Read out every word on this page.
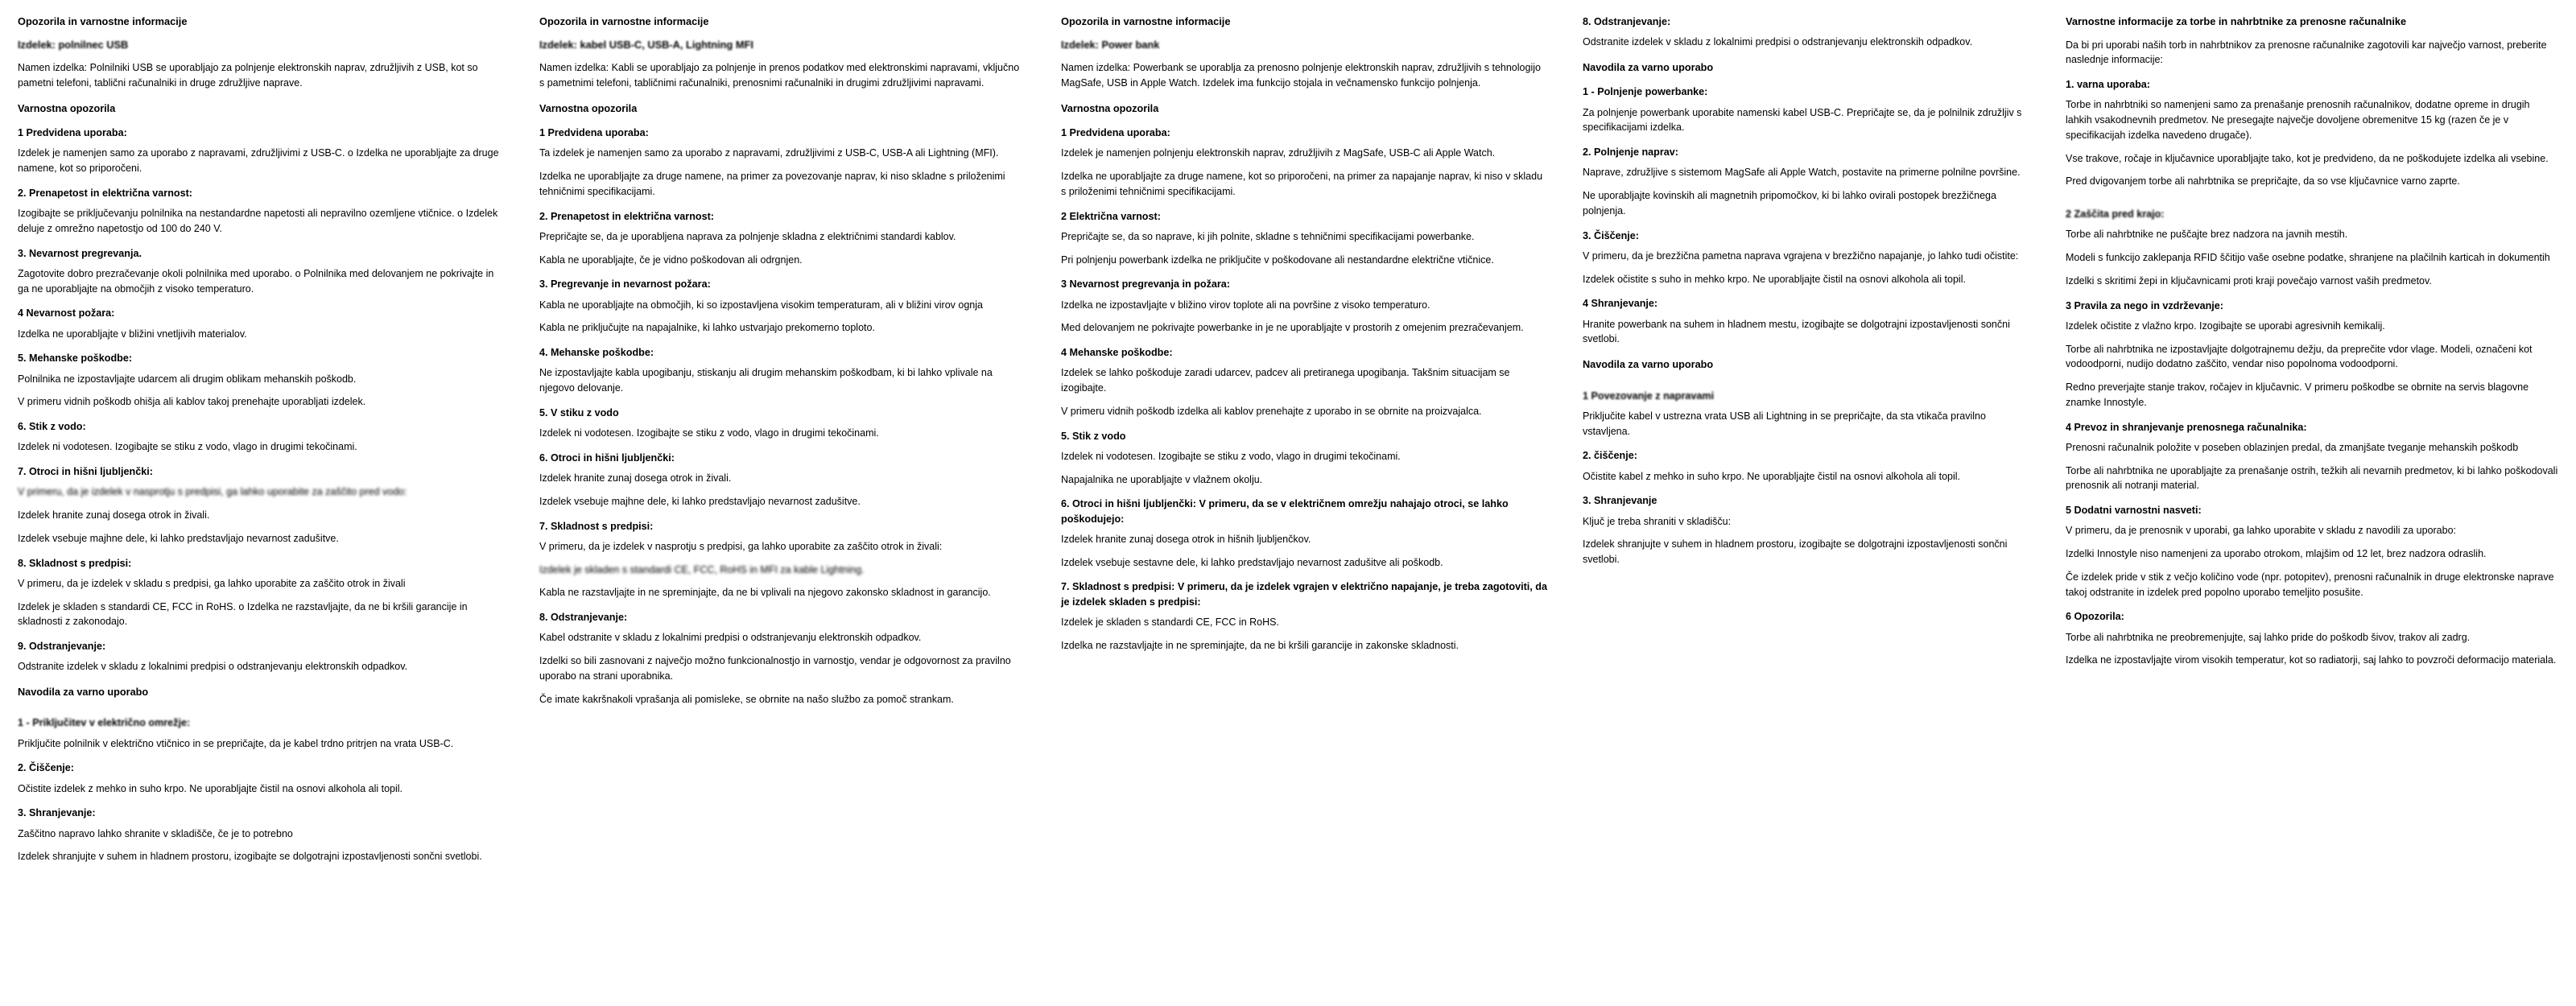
Opozorila in varnostne informacije
Izdelek: polnilnec USB

Namen izdelka: Polnilniki USB se uporabljajo za polnjenje elektronskih naprav, združljivih z USB, kot so pametni telefoni, tablični računalniki in druge združljive naprave.

Varnostna opozorila
1 Predvidena uporaba:

Izdelek je namenjen samo za uporabo z napravami, združljivimi z USB-C. o Izdelka ne uporabljajte za druge namene, kot so priporočeni.

2. Prenapetost in električna varnost:

Izogibajte se priključevanju polnilnika na nestandardne napetosti ali nepravilno ozemljene vtičnice. o Izdelek deluje z omrežno napetostjo od 100 do 240 V.

3. Nevarnost pregrevanja.

Zagotovite dobro prezračevanje okoli polnilnika med uporabo. o Polnilnika med delovanjem ne pokrivajte in ga ne uporabljajte na območjih z visoko temperaturo.

4 Nevarnost požara:

Izdelka ne uporabljajte v bližini vnetljivih materialov.

5. Mehanske poškodbe:

Polnilnika ne izpostavljajte udarcem ali drugim oblikam mehanskih poškodb.

V primeru vidnih poškodb ohišja ali kablov takoj prenehajte uporabljati izdelek.

6. Stik z vodo:

Izdelek ni vodotesen. Izogibajte se stiku z vodo, vlago in drugimi tekočinami.

7. Otroci in hišni ljubljenčki:

V primeru, da je izdelek v nasprotju s predpisi, ga lahko uporabite za zaščito pred vodo:

Izdelek hranite zunaj dosega otrok in živali.

Izdelek vsebuje majhne dele, ki lahko predstavljajo nevarnost zadušitve.

8. Skladnost s predpisi:

V primeru, da je izdelek v skladu s predpisi, ga lahko uporabite za zaščito otrok in živali

Izdelek je skladen s standardi CE, FCC in RoHS. o Izdelka ne razstavljajte, da ne bi kršili garancije in skladnosti z zakonodajo.

9. Odstranjevanje:

Odstranite izdelek v skladu z lokalnimi predpisi o odstranjevanju elektronskih odpadkov.

Navodila za varno uporabo
1 - Priključitev v električno omrežje:

Priključite polnilnik v električno vtičnico in se prepričajte, da je kabel trdno pritrjen na vrata USB-C.

2. Čiščenje:

Očistite izdelek z mehko in suho krpo. Ne uporabljajte čistil na osnovi alkohola ali topil.

3. Shranjevanje:

Zaščitno napravo lahko shranite v skladišče, če je to potrebno

Izdelek shranjujte v suhem in hladnem prostoru, izogibajte se dolgotrajni izpostavljenosti sončni svetlobi.

Opozorila in varnostne informacije
Izdelek: kabel USB-C, USB-A, Lightning MFI

Namen izdelka: Kabli se uporabljajo za polnjenje in prenos podatkov med elektronskimi napravami, vključno s pametnimi telefoni, tabličnimi računalniki, prenosnimi računalniki in drugimi združljivimi napravami.

Varnostna opozorila
1 Predvidena uporaba:

Ta izdelek je namenjen samo za uporabo z napravami, združljivimi z USB-C, USB-A ali Lightning (MFI).

Izdelka ne uporabljajte za druge namene, na primer za povezovanje naprav, ki niso skladne s priloženimi tehničnimi specifikacijami.

2. Prenapetost in električna varnost:

Prepričajte se, da je uporabljena naprava za polnjenje skladna z električnimi standardi kablov.

Kabla ne uporabljajte, če je vidno poškodovan ali odrgnjen.

3. Pregrevanje in nevarnost požara:

Kabla ne uporabljajte na območjih, ki so izpostavljena visokim temperaturam, ali v bližini virov ognja

Kabla ne priključujte na napajalnike, ki lahko ustvarjajo prekomerno toploto.

4. Mehanske poškodbe:

Ne izpostavljajte kabla upogibanju, stiskanju ali drugim mehanskim poškodbam, ki bi lahko vplivale na njegovo delovanje.

5. V stiku z vodo

Izdelek ni vodotesen. Izogibajte se stiku z vodo, vlago in drugimi tekočinami.

6. Otroci in hišni ljubljenčki:

Izdelek hranite zunaj dosega otrok in živali.

Izdelek vsebuje majhne dele, ki lahko predstavljajo nevarnost zadušitve.

7. Skladnost s predpisi:

V primeru, da je izdelek v nasprotju s predpisi, ga lahko uporabite za zaščito otrok in živali:

Izdelek je skladen s standardi CE, FCC, RoHS in MFI za kable Lightning.

Kabla ne razstavljajte in ne spreminjajte, da ne bi vplivali na njegovo zakonsko skladnost in garancijo.

8. Odstranjevanje:

Kabel odstranite v skladu z lokalnimi predpisi o odstranjevanju elektronskih odpadkov.

Izdelki so bili zasnovani z največjo možno funkcionalnostjo in varnostjo, vendar je odgovornost za pravilno uporabo na strani uporabnika.

Če imate kakršnakoli vprašanja ali pomisleke, se obrnite na našo službo za pomoč strankam.

Opozorila in varnostne informacije
Izdelek: Power bank

Namen izdelka: Powerbank se uporablja za prenosno polnjenje elektronskih naprav, združljivih s tehnologijo MagSafe, USB in Apple Watch. Izdelek ima funkcijo stojala in večnamensko funkcijo polnjenja.

Varnostna opozorila
1 Predvidena uporaba:

Izdelek je namenjen polnjenju elektronskih naprav, združljivih z MagSafe, USB-C ali Apple Watch.

Izdelka ne uporabljajte za druge namene, kot so priporočeni, na primer za napajanje naprav, ki niso v skladu s priloženimi tehničnimi specifikacijami.

2 Električna varnost:

Prepričajte se, da so naprave, ki jih polnite, skladne s tehničnimi specifikacijami powerbanke.

Pri polnjenju powerbank izdelka ne priključite v poškodovane ali nestandardne električne vtičnice.

3 Nevarnost pregrevanja in požara:

Izdelka ne izpostavljajte v bližino virov toplote ali na površine z visoko temperaturo.

Med delovanjem ne pokrivajte powerbanke in je ne uporabljajte v prostorih z omejenim prezračevanjem.

4 Mehanske poškodbe:

Izdelek se lahko poškoduje zaradi udarcev, padcev ali pretiranega upogibanja. Takšnim situacijam se izogibajte.

V primeru vidnih poškodb izdelka ali kablov prenehajte z uporabo in se obrnite na proizvajalca.

5. Stik z vodo

Izdelek ni vodotesen. Izogibajte se stiku z vodo, vlago in drugimi tekočinami.

Napajalnika ne uporabljajte v vlažnem okolju.

6. Otroci in hišni ljubljenčki: V primeru, da se v električnem omrežju nahajajo otroci, se lahko poškodujejo:

Izdelek hranite zunaj dosega otrok in hišnih ljubljenčkov.

Izdelek vsebuje sestavne dele, ki lahko predstavljajo nevarnost zadušitve ali poškodb.

7. Skladnost s predpisi: V primeru, da je izdelek vgrajen v električno napajanje, je treba zagotoviti, da je izdelek skladen s predpisi:

Izdelek je skladen s standardi CE, FCC in RoHS.

Izdelka ne razstavljajte in ne spreminjajte, da ne bi kršili garancije in zakonske skladnosti.

8. Odstranjevanje:

Odstranite izdelek v skladu z lokalnimi predpisi o odstranjevanju elektronskih odpadkov.

Navodila za varno uporabo
1 - Polnjenje powerbanke:

Za polnjenje powerbank uporabite namenski kabel USB-C. Prepričajte se, da je polnilnik združljiv s specifikacijami izdelka.

2. Polnjenje naprav:

Naprave, združljive s sistemom MagSafe ali Apple Watch, postavite na primerne polnilne površine.

Ne uporabljajte kovinskih ali magnetnih pripomočkov, ki bi lahko ovirali postopek brezžičnega polnjenja.

3. Čiščenje:

V primeru, da je brezžična pametna naprava vgrajena v brezžično napajanje, jo lahko tudi očistite:

Izdelek očistite s suho in mehko krpo. Ne uporabljajte čistil na osnovi alkohola ali topil.

4 Shranjevanje:

Hranite powerbank na suhem in hladnem mestu, izogibajte se dolgotrajni izpostavljenosti sončni svetlobi.

Navodila za varno uporabo
1 Povezovanje z napravami

Priključite kabel v ustrezna vrata USB ali Lightning in se prepričajte, da sta vtikača pravilno vstavljena.

2. čiščenje:

Očistite kabel z mehko in suho krpo. Ne uporabljajte čistil na osnovi alkohola ali topil.

3. Shranjevanje

Ključ je treba shraniti v skladišču:

Izdelek shranjujte v suhem in hladnem prostoru, izogibajte se dolgotrajni izpostavljenosti sončni svetlobi.

Varnostne informacije za torbe in nahrbtnike za prenosne računalnike

Da bi pri uporabi naših torb in nahrbtnikov za prenosne računalnike zagotovili kar največjo varnost, preberite naslednje informacije:

1. varna uporaba:

Torbe in nahrbtniki so namenjeni samo za prenašanje prenosnih računalnikov, dodatne opreme in drugih lahkih vsakodnevnih predmetov. Ne presegajte največje dovoljene obremenitve 15 kg (razen če je v specifikacijah izdelka navedeno drugače).

Vse trakove, ročaje in ključavnice uporabljajte tako, kot je predvideno, da ne poškodujete izdelka ali vsebine.

Pred dvigovanjem torbe ali nahrbtnika se prepričajte, da so vse ključavnice varno zaprte.

2 Zaščita pred krajo:

Torbe ali nahrbtnike ne puščajte brez nadzora na javnih mestih.

Modeli s funkcijo zaklepanja RFID ščitijo vaše osebne podatke, shranjene na plačilnih karticah in dokumentih

Izdelki s skritimi žepi in ključavnicami proti kraji povečajo varnost vaših predmetov.

3 Pravila za nego in vzdrževanje:

Izdelek očistite z vlažno krpo. Izogibajte se uporabi agresivnih kemikalij.

Torbe ali nahrbtnika ne izpostavljajte dolgotrajnemu dežju, da preprečite vdor vlage. Modeli, označeni kot vodoodporni, nudijo dodatno zaščito, vendar niso popolnoma vodoodporni.

Redno preverjajte stanje trakov, ročajev in ključavnic. V primeru poškodbe se obrnite na servis blagovne znamke Innostyle.

4 Prevoz in shranjevanje prenosnega računalnika:

Prenosni računalnik položite v poseben oblazinjen predal, da zmanjšate tveganje mehanskih poškodb

Torbe ali nahrbtnika ne uporabljajte za prenašanje ostrih, težkih ali nevarnih predmetov, ki bi lahko poškodovali prenosnik ali notranji material.

5 Dodatni varnostni nasveti:

V primeru, da je prenosnik v uporabi, ga lahko uporabite v skladu z navodili za uporabo:

Izdelki Innostyle niso namenjeni za uporabo otrokom, mlajšim od 12 let, brez nadzora odraslih.

Če izdelek pride v stik z večjo količino vode (npr. potopitev), prenosni računalnik in druge elektronske naprave takoj odstranite in izdelek pred popolno uporabo temeljito posušite.

6 Opozorila:

Torbe ali nahrbtnika ne preobremenjujte, saj lahko pride do poškodb šivov, trakov ali zadrg.

Izdelka ne izpostavljajte virom visokih temperatur, kot so radiatorji, saj lahko to povzroči deformacijo materiala.
